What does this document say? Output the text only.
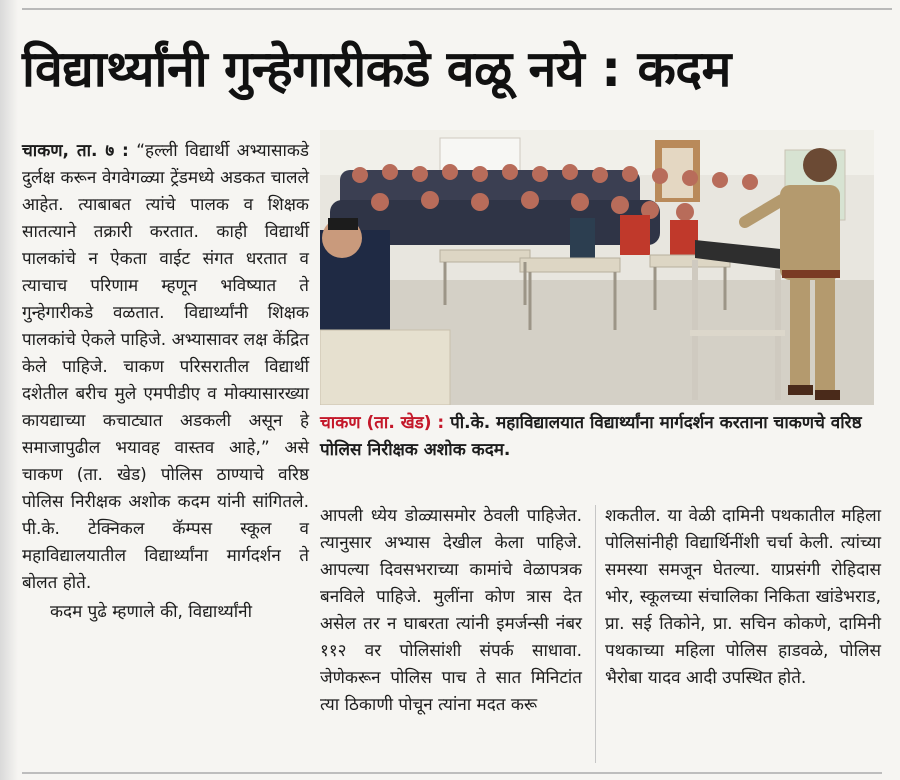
विद्यार्थ्यांनी गुन्हेगारीकडे वळू नये : कदम

चाकण, ता. ७ : “हल्ली विद्यार्थी अभ्यासाकडे दुर्लक्ष करून वेगवेगळ्या ट्रेंडमध्ये अडकत चालले आहेत. त्याबाबत त्यांचे पालक व शिक्षक सातत्याने तक्रारी करतात. काही विद्यार्थी पालकांचे न ऐकता वाईट संगत धरतात व त्याचाच परिणाम म्हणून भविष्यात ते गुन्हेगारीकडे वळतात. विद्यार्थ्यांनी शिक्षक पालकांचे ऐकले पाहिजे. अभ्यासावर लक्ष केंद्रित केले पाहिजे. चाकण परिसरातील विद्यार्थी दशेतील बरीच मुले एमपीडीए व मोक्यासारख्या कायद्याच्या कचाट्यात अडकली असून हे समाजापुढील भयावह वास्तव आहे,” असे चाकण (ता. खेड) पोलिस ठाण्याचे वरिष्ठ पोलिस निरीक्षक अशोक कदम यांनी सांगितले. पी.के. टेक्निकल कॅम्पस स्कूल व महाविद्यालयातील विद्यार्थ्यांना मार्गदर्शन ते बोलत होते.

कदम पुढे म्हणाले की, विद्यार्थ्यांनी

चाकण (ता. खेड) : पी.के. महाविद्यालयात विद्यार्थ्यांना मार्गदर्शन करताना चाकणचे वरिष्ठ पोलिस निरीक्षक अशोक कदम.

आपली ध्येय डोळ्यासमोर ठेवली पाहिजेत. त्यानुसार अभ्यास देखील केला पाहिजे. आपल्या दिवसभराच्या कामांचे वेळापत्रक बनविले पाहिजे. मुलींना कोण त्रास देत असेल तर न घाबरता त्यांनी इमर्जन्सी नंबर ११२ वर पोलिसांशी संपर्क साधावा. जेणेकरून पोलिस पाच ते सात मिनिटांत त्या ठिकाणी पोचून त्यांना मदत करू

शकतील. या वेळी दामिनी पथकातील महिला पोलिसांनीही विद्यार्थिनींशी चर्चा केली. त्यांच्या समस्या समजून घेतल्या. याप्रसंगी रोहिदास भोर, स्कूलच्या संचालिका निकिता खांडेभराड, प्रा. सई तिकोने, प्रा. सचिन कोकणे, दामिनी पथकाच्या महिला पोलिस हाडवळे, पोलिस भैरोबा यादव आदी उपस्थित होते.
